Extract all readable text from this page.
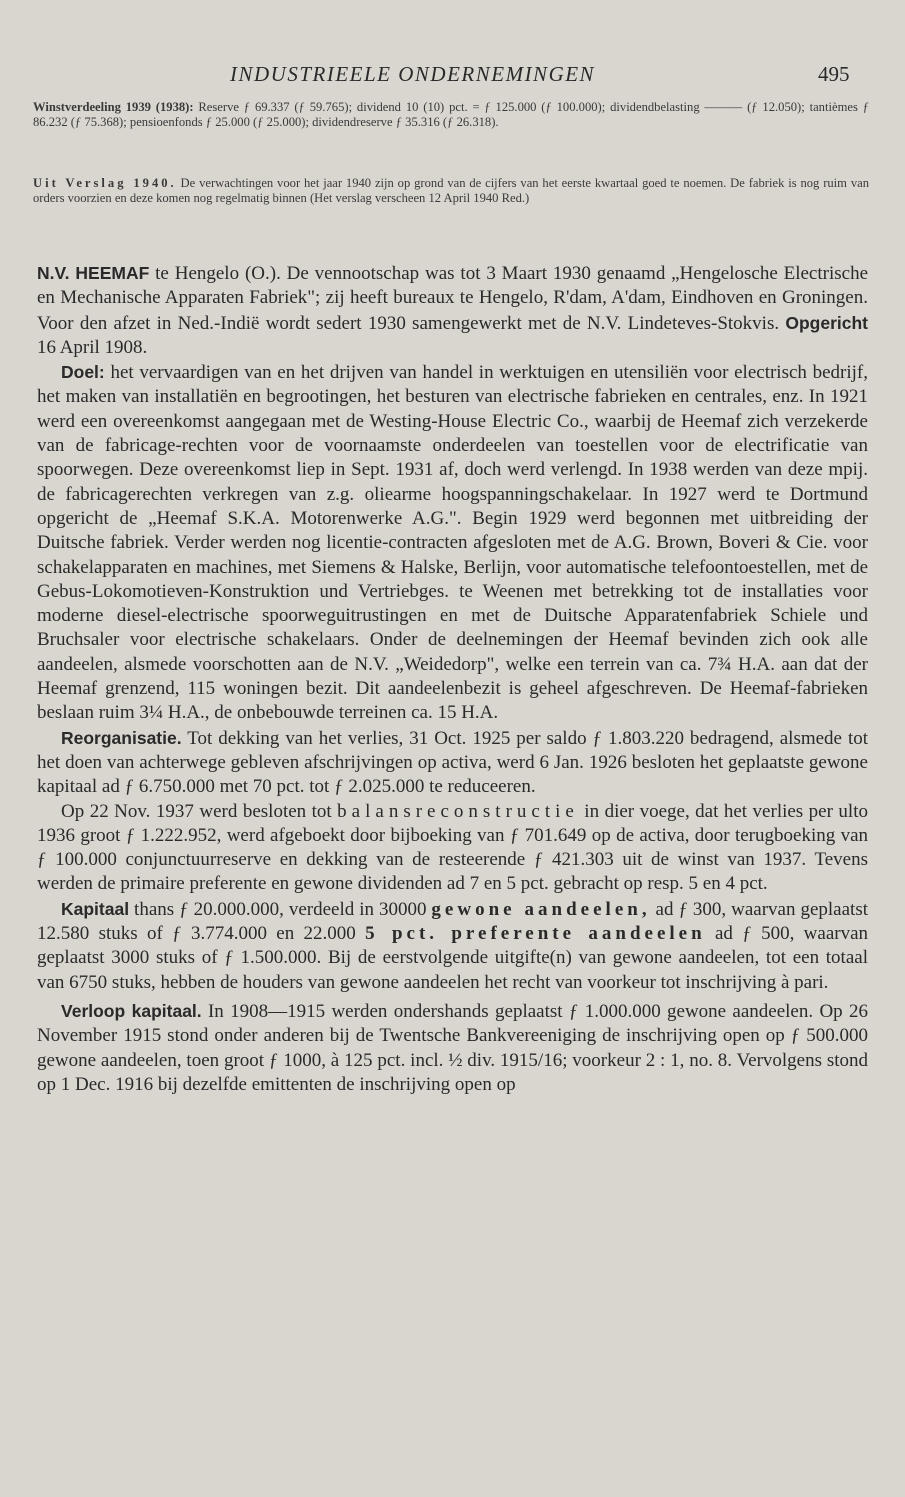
INDUSTRIEELE ONDERNEMINGEN	495
Winstverdeeling 1939 (1938): Reserve ƒ 69.337 (ƒ 59.765); dividend 10 (10) pct. = ƒ 125.000 (ƒ 100.000); dividendbelasting ——— (ƒ 12.050); tantièmes ƒ 86.232 (ƒ 75.368); pensioenfonds ƒ 25.000 (ƒ 25.000); dividendreserve ƒ 35.316 (ƒ 26.318).
Uit Verslag 1940. De verwachtingen voor het jaar 1940 zijn op grond van de cijfers van het eerste kwartaal goed te noemen. De fabriek is nog ruim van orders voorzien en deze komen nog regelmatig binnen (Het verslag verscheen 12 April 1940 Red.)

N.V. HEEMAF te Hengelo (O.). De vennootschap was tot 3 Maart 1930 genaamd „Hengelosche Electrische en Mechanische Apparaten Fabriek"; zij heeft bureaux te Hengelo, R'dam, A'dam, Eindhoven en Groningen. Voor den afzet in Ned.-Indië wordt sedert 1930 samengewerkt met de N.V. Lindeteves-Stokvis. Opgericht 16 April 1908.

Doel: het vervaardigen van en het drijven van handel in werktuigen en utensiliën voor electrisch bedrijf, het maken van installatiën en begrootingen, het besturen van electrische fabrieken en centrales, enz. In 1921 werd een overeenkomst aangegaan met de Westing-House Electric Co., waarbij de Heemaf zich verzekerde van de fabricage-rechten voor de voornaamste onderdeelen van toestellen voor de electrificatie van spoorwegen. Deze overeenkomst liep in Sept. 1931 af, doch werd verlengd. In 1938 werden van deze mpij. de fabricagerechten verkregen van z.g. oliearme hoogspanningschakelaar. In 1927 werd te Dortmund opgericht de „Heemaf S.K.A. Motorenwerke A.G.". Begin 1929 werd begonnen met uitbreiding der Duitsche fabriek. Verder werden nog licentie-contracten afgesloten met de A.G. Brown, Boveri & Cie. voor schakelapparaten en machines, met Siemens & Halske, Berlijn, voor automatische telefoontoestellen, met de Gebus-Lokomotieven-Konstruktion und Vertriebges. te Weenen met betrekking tot de installaties voor moderne diesel-electrische spoorweguitrustingen en met de Duitsche Apparatenfabriek Schiele und Bruchsaler voor electrische schakelaars. Onder de deelnemingen der Heemaf bevinden zich ook alle aandeelen, alsmede voorschotten aan de N.V. „Weidedorp", welke een terrein van ca. 7¾ H.A. aan dat der Heemaf grenzend, 115 woningen bezit. Dit aandeelenbezit is geheel afgeschreven. De Heemaf-fabrieken beslaan ruim 3¼ H.A., de onbebouwde terreinen ca. 15 H.A.

Reorganisatie. Tot dekking van het verlies, 31 Oct. 1925 per saldo ƒ 1.803.220 bedragend, alsmede tot het doen van achterwege gebleven afschrijvingen op activa, werd 6 Jan. 1926 besloten het geplaatste gewone kapitaal ad ƒ 6.750.000 met 70 pct. tot ƒ 2.025.000 te reduceeren.

Op 22 Nov. 1937 werd besloten tot balansreconstructie in dier voege, dat het verlies per ulto 1936 groot ƒ 1.222.952, werd afgeboekt door bijboeking van ƒ 701.649 op de activa, door terugboeking van ƒ 100.000 conjunctuurreserve en dekking van de resteerende ƒ 421.303 uit de winst van 1937. Tevens werden de primaire preferente en gewone dividenden ad 7 en 5 pct. gebracht op resp. 5 en 4 pct.

Kapitaal thans ƒ 20.000.000, verdeeld in 30000 gewone aandeelen, ad ƒ 300, waarvan geplaatst 12.580 stuks of ƒ 3.774.000 en 22.000 5 pct. preferente aandeelen ad ƒ 500, waarvan geplaatst 3000 stuks of ƒ 1.500.000. Bij de eerstvolgende uitgifte(n) van gewone aandeelen, tot een totaal van 6750 stuks, hebben de houders van gewone aandeelen het recht van voorkeur tot inschrijving à pari.

Verloop kapitaal. In 1908—1915 werden ondershands geplaatst ƒ 1.000.000 gewone aandeelen. Op 26 November 1915 stond onder anderen bij de Twentsche Bankvereeniging de inschrijving open op ƒ 500.000 gewone aandeelen, toen groot ƒ 1000, à 125 pct. incl. ½ div. 1915/16; voorkeur 2 : 1, no. 8. Vervolgens stond op 1 Dec. 1916 bij dezelfde emittenten de inschrijving open op
